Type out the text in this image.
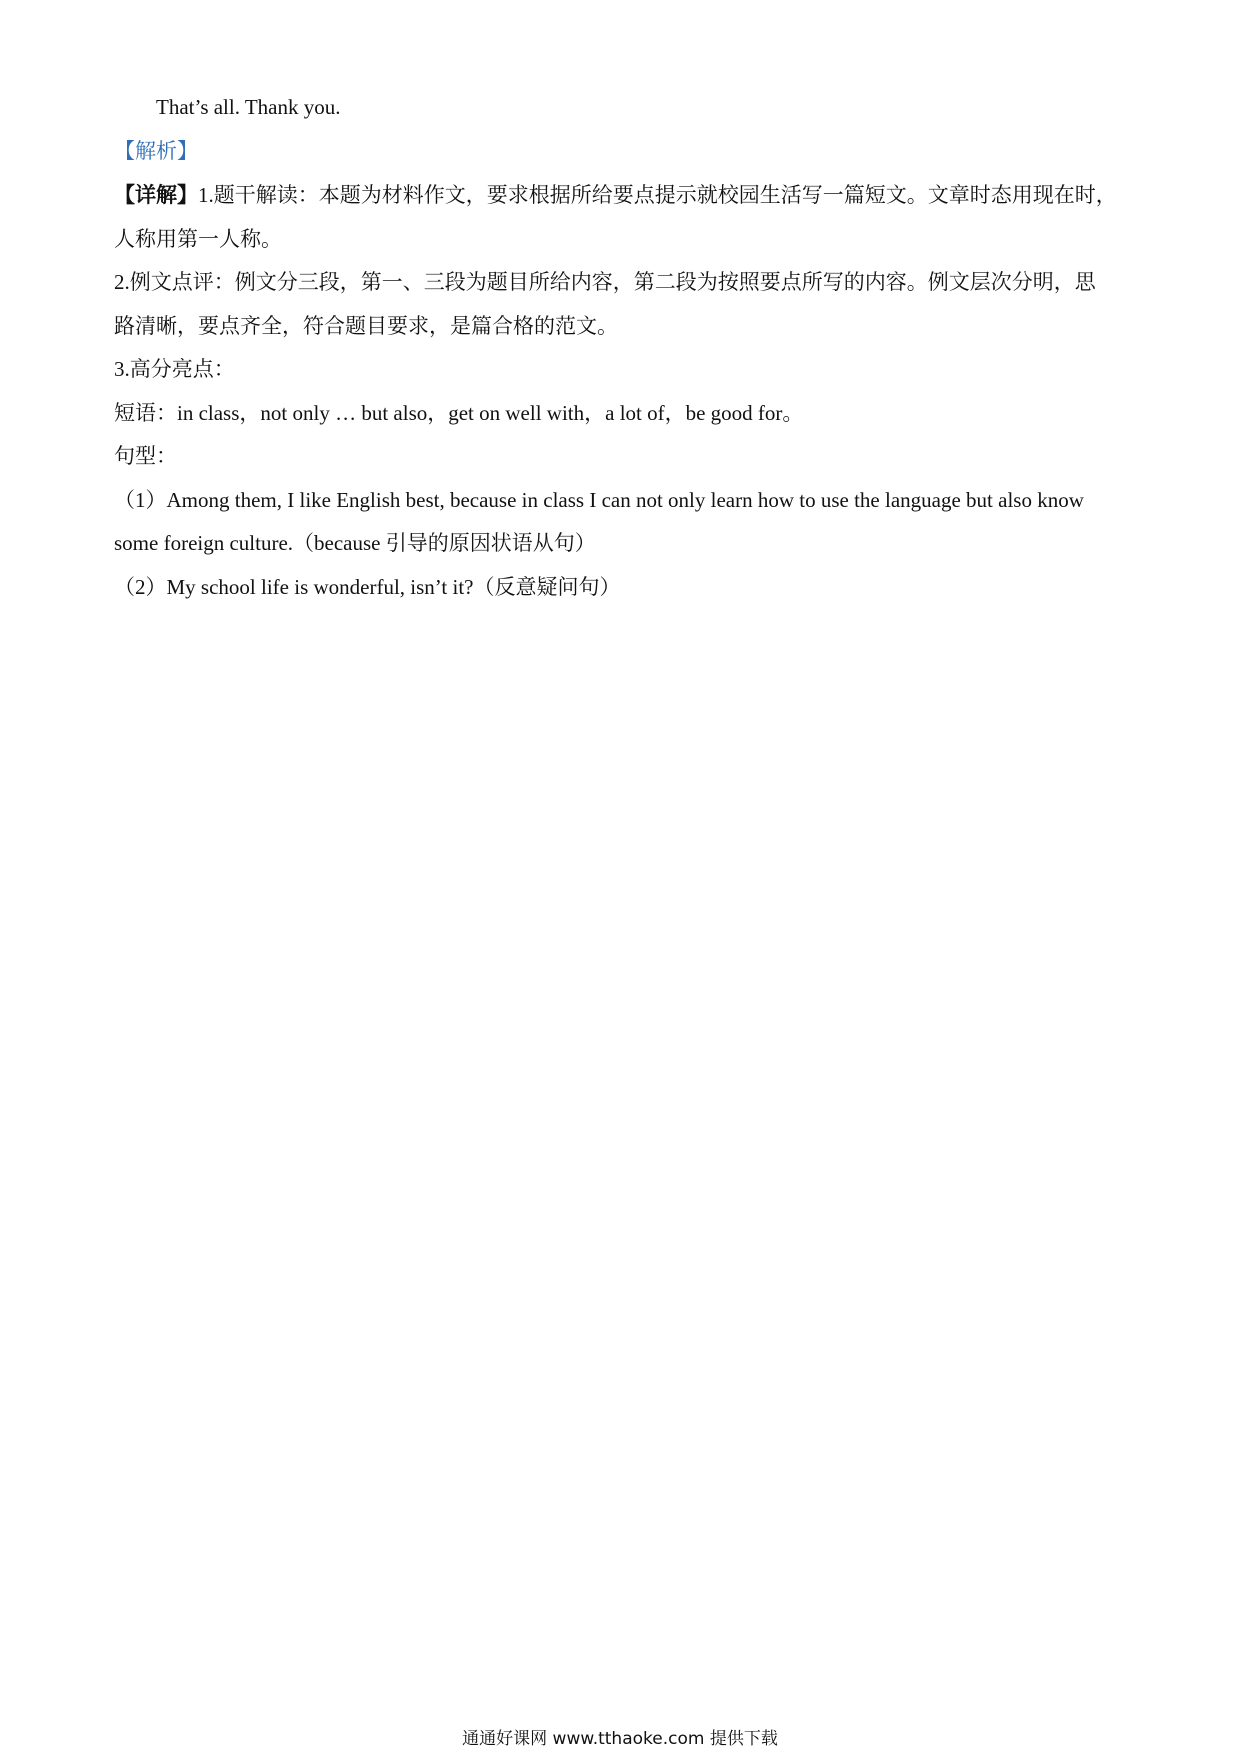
That’s all. Thank you.
【解析】
【详解】1.题干解读：本题为材料作文，要求根据所给要点提示就校园生活写一篇短文。文章时态用现在时，
人称用第一人称。
2.例文点评：例文分三段，第一、三段为题目所给内容，第二段为按照要点所写的内容。例文层次分明，思
路清晰，要点齐全，符合题目要求，是篇合格的范文。
3.高分亮点：
短语：in class，not only … but also，get on well with，a lot of，be good for。
句型：
（1）Among them, I like English best, because in class I can not only learn how to use the language but also know
some foreign culture.（because 引导的原因状语从句）
（2）My school life is wonderful, isn’t it?（反意疑问句）
通通好课网 www.tthaoke.com 提供下载
